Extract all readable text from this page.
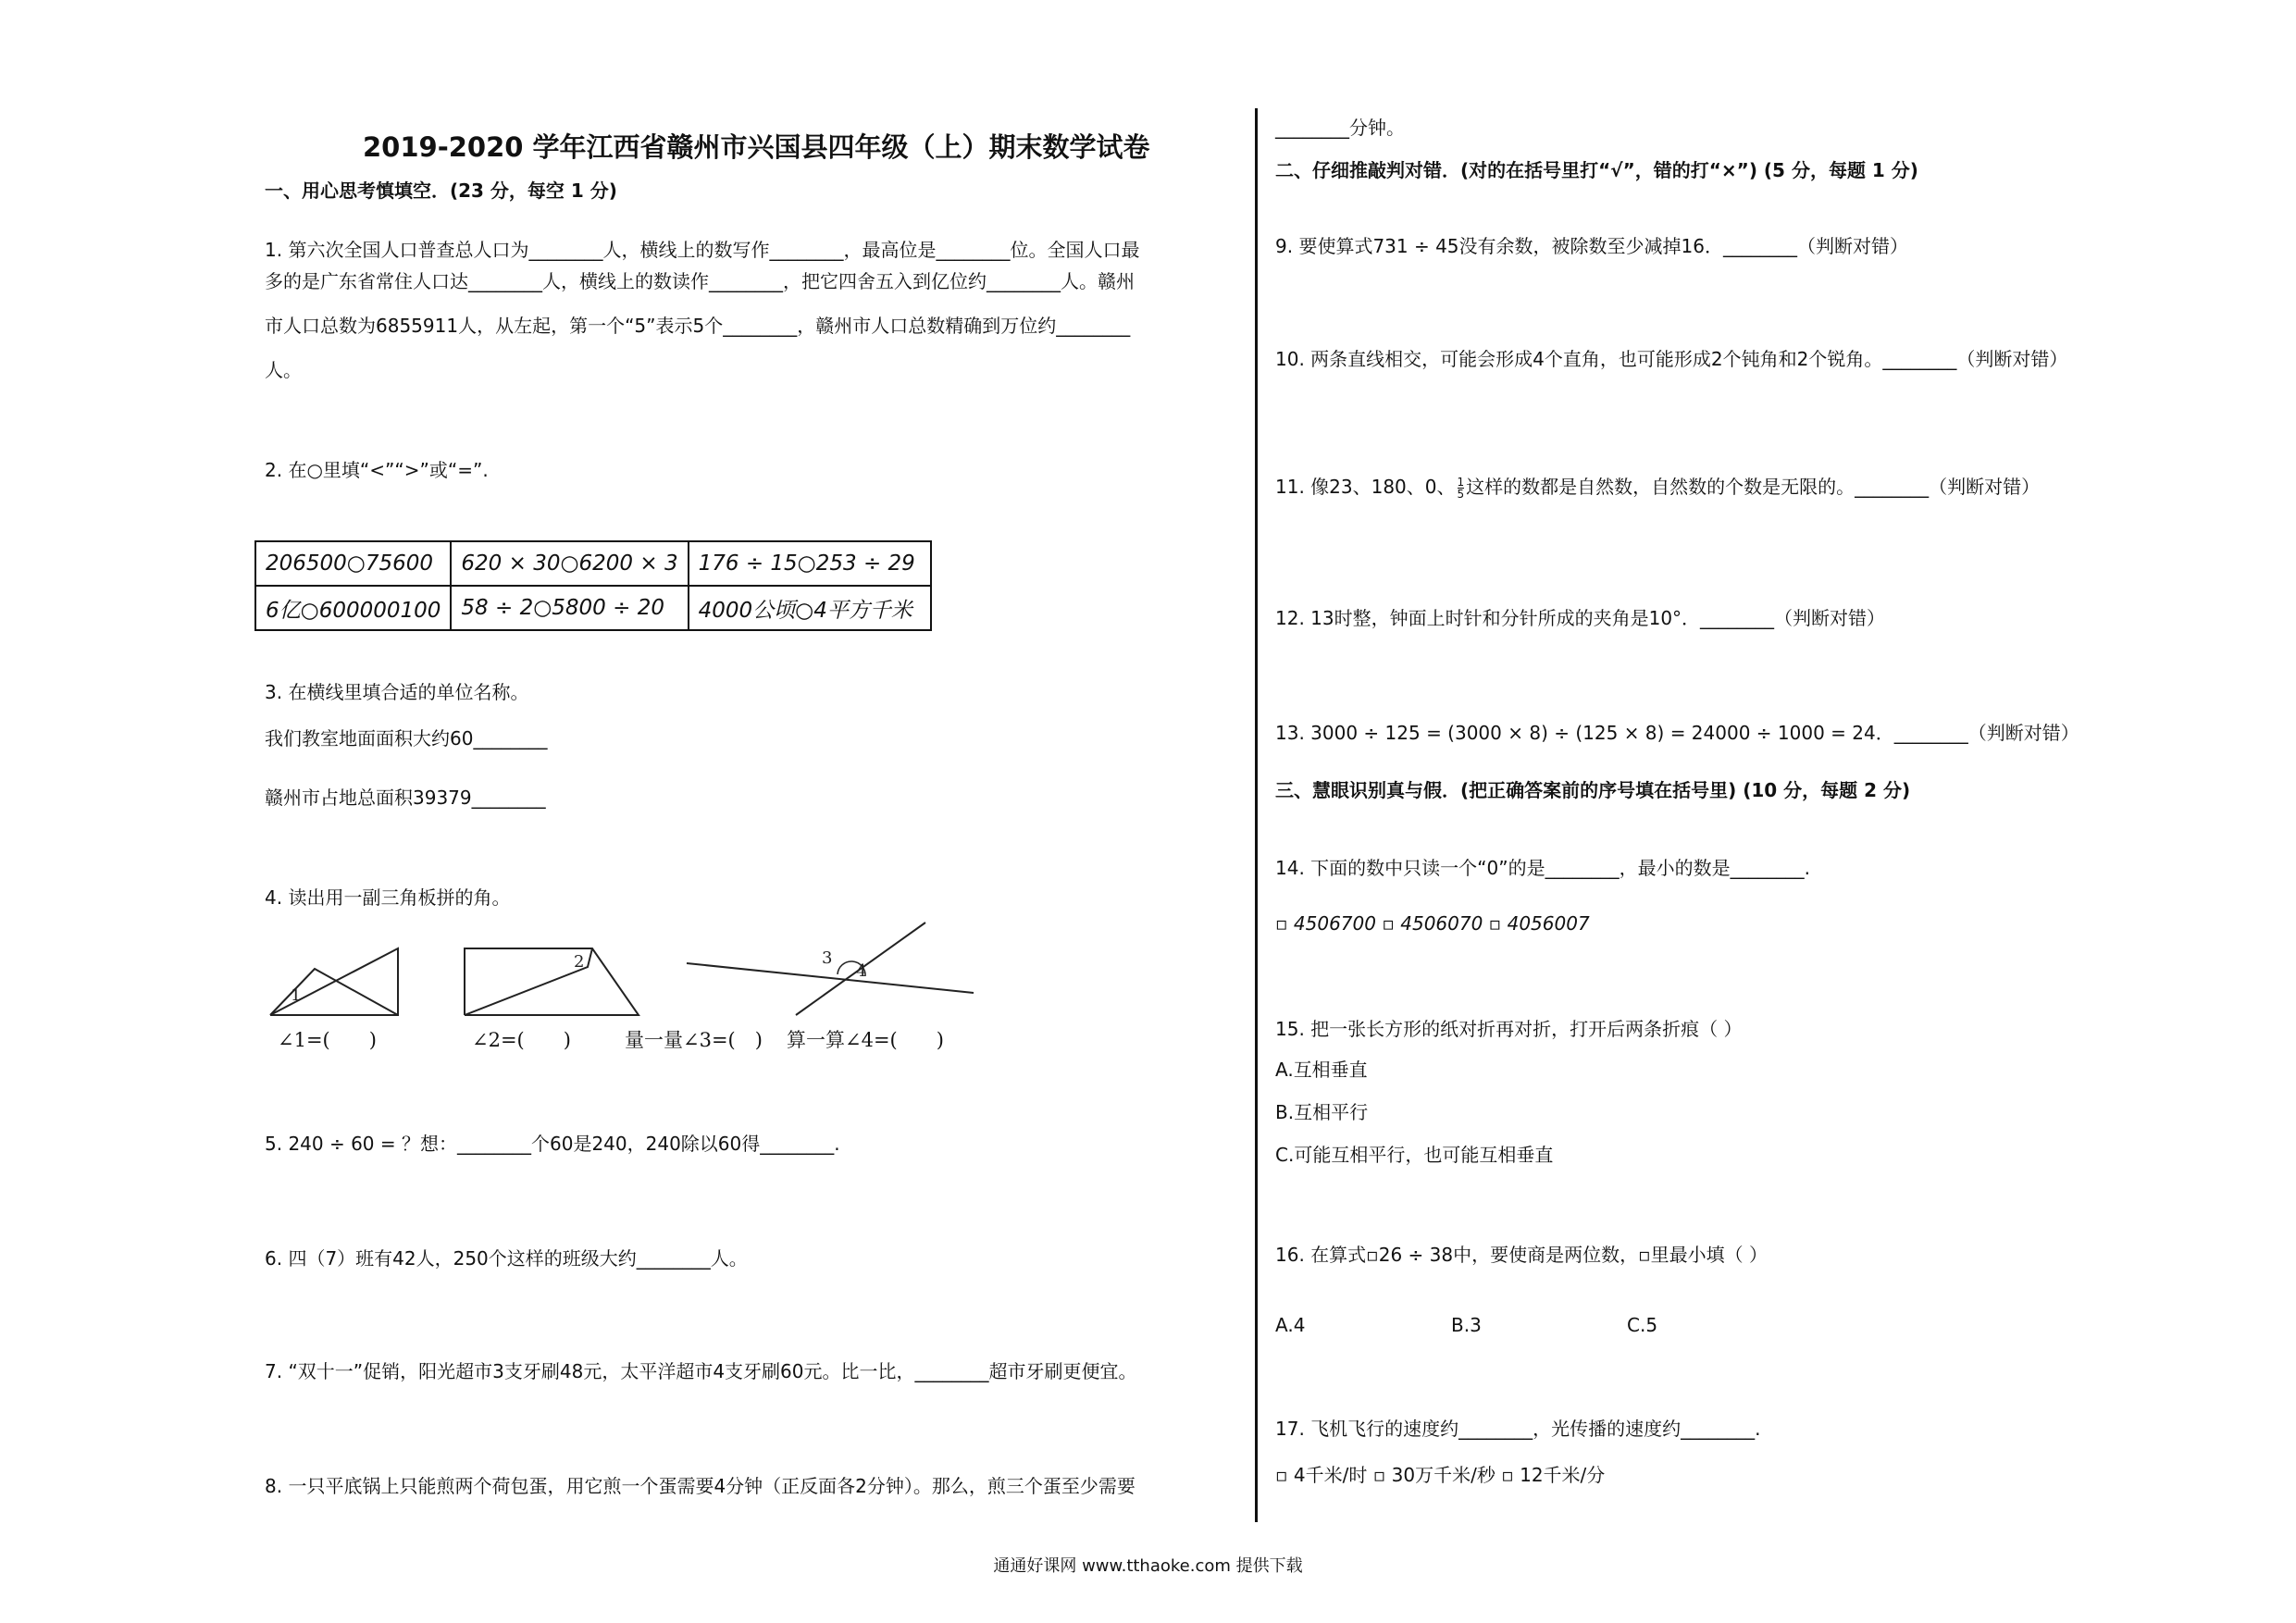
2019-2020 学年江西省赣州市兴国县四年级（上）期末数学试卷
一、用心思考慎填空．(23 分，每空 1 分)
1. 第六次全国人口普查总人口为________人，横线上的数写作________，最高位是________位。全国人口最
多的是广东省常住人口达________人，横线上的数读作________，把它四舍五入到亿位约________人。赣州
市人口总数为6855911人，从左起，第一个“5”表示5个________，赣州市人口总数精确到万位约________
人。
2. 在○里填“<”“>”或“=”.
206500○75600	620 × 30○6200 × 3	176 ÷ 15○253 ÷ 29
6亿○600000100	58 ÷ 2○5800 ÷ 20	4000公顷○4平方千米
3. 在横线里填合适的单位名称。
我们教室地面面积大约60________
赣州市占地总面积39379________
4. 读出用一副三角板拼的角。
1
2	3
4
∠1=(　　)	∠2=(　　)	量一量∠3=(　) 算一算∠4=(　　)
5. 240 ÷ 60 = ？想：________个60是240，240除以60得________.
6. 四（7）班有42人，250个这样的班级大约________人。
7. “双十一”促销，阳光超市3支牙刷48元，太平洋超市4支牙刷60元。比一比，________超市牙刷更便宜。
8. 一只平底锅上只能煎两个荷包蛋，用它煎一个蛋需要4分钟（正反面各2分钟）。那么，煎三个蛋至少需要
________分钟。
二、仔细推敲判对错．(对的在括号里打“√”，错的打“×”) (5 分，每题 1 分)
9. 要使算式731 ÷ 45没有余数，被除数至少减掉16．________（判断对错）
10. 两条直线相交，可能会形成4个直角，也可能形成2个钝角和2个锐角。________（判断对错）
11. 像23、180、0、 $\frac{1}{5}$ 这样的数都是自然数，自然数的个数是无限的。________（判断对错）
12. 13时整，钟面上时针和分针所成的夹角是10°．________（判断对错）
13. 3000 ÷ 125 = (3000 × 8) ÷ (125 × 8) = 24000 ÷ 1000 = 24．________（判断对错）
三、慧眼识别真与假．(把正确答案前的序号填在括号里) (10 分，每题 2 分)
14. 下面的数中只读一个“0”的是________，最小的数是________.
▫ 4506700 ▫ 4506070 ▫ 4056007
15. 把一张长方形的纸对折再对折，打开后两条折痕（ ）
A.互相垂直
B.互相平行
C.可能互相平行，也可能互相垂直
16. 在算式▫26 ÷ 38中，要使商是两位数，▫里最小填（ ）
A.4	B.3	C.5
17. 飞机飞行的速度约________，光传播的速度约________.
▫ 4千米/时 ▫ 30万千米/秒 ▫ 12千米/分
通通好课网 www.tthaoke.com 提供下载
